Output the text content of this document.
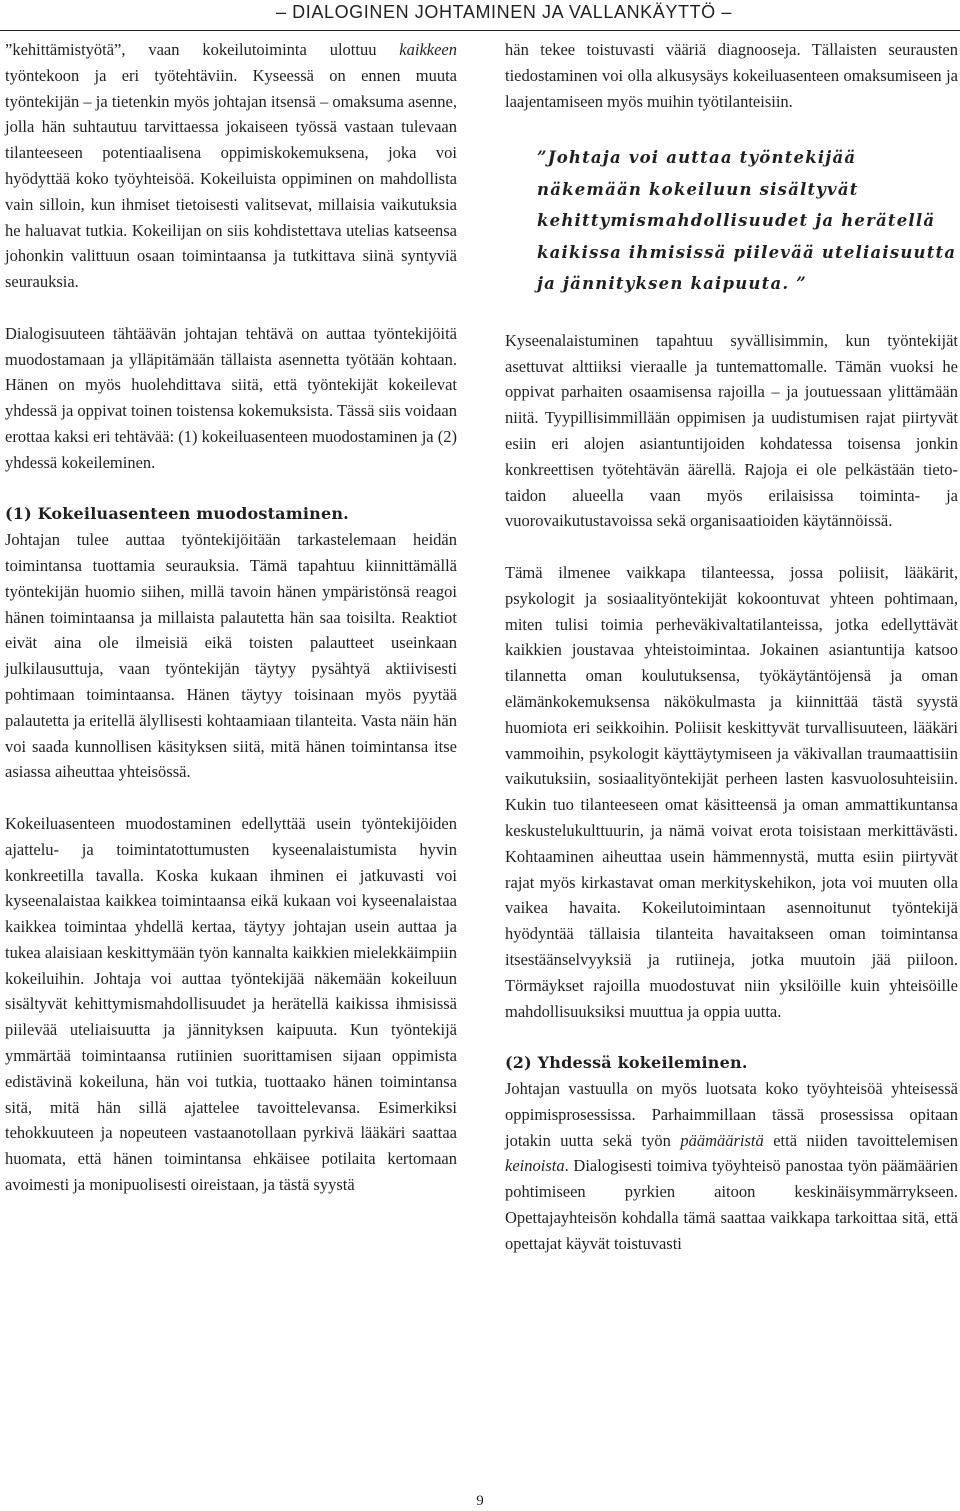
– DIALOGINEN JOHTAMINEN JA VALLANKÄYTTÖ –

”kehittämistyötä”, vaan kokeilutoiminta ulottuu kaikkeen työntekoon ja eri työtehtäviin. Kyseessä on ennen muuta työntekijän – ja tietenkin myös johtajan itsensä – omaksuma asenne, jolla hän suhtautuu tarvittaessa jokaiseen työssä vastaan tulevaan tilanteeseen potentiaalisena oppimiskokemuksena, joka voi hyödyttää koko työyhteisöä. Kokeiluista oppiminen on mahdollista vain silloin, kun ihmiset tietoisesti valitsevat, millaisia vaikutuksia he haluavat tutkia. Kokeilijan on siis kohdistettava utelias katseensa johonkin valittuun osaan toimintaansa ja tutkittava siinä syntyviä seurauksia.

Dialogisuuteen tähtäävän johtajan tehtävä on auttaa työntekijöitä muodostamaan ja ylläpitämään tällaista asennetta työtään kohtaan. Hänen on myös huolehdittava siitä, että työntekijät kokeilevat yhdessä ja oppivat toinen toistensa kokemuksista. Tässä siis voidaan erottaa kaksi eri tehtävää: (1) kokeiluasenteen muodostaminen ja (2) yhdessä kokeileminen.

(1) Kokeiluasenteen muodostaminen.

Johtajan tulee auttaa työntekijöitään tarkastelemaan heidän toimintansa tuottamia seurauksia. Tämä tapahtuu kiinnittämällä työntekijän huomio siihen, millä tavoin hänen ympäristönsä reagoi hänen toimintaansa ja millaista palautetta hän saa toisilta. Reaktiot eivät aina ole ilmeisiä eikä toisten palautteet useinkaan julkilausuttuja, vaan työntekijän täytyy pysähtyä aktiivisesti pohtimaan toimintaansa. Hänen täytyy toisinaan myös pyytää palautetta ja eritellä älyllisesti kohtaamiaan tilanteita. Vasta näin hän voi saada kunnollisen käsityksen siitä, mitä hänen toimintansa itse asiassa aiheuttaa yhteisössä.

Kokeiluasenteen muodostaminen edellyttää usein työntekijöiden ajattelu- ja toimintatottumusten kyseenalaistumista hyvin konkreetilla tavalla. Koska kukaan ihminen ei jatkuvasti voi kyseenalaistaa kaikkea toimintaansa eikä kukaan voi kyseenalaistaa kaikkea toimintaa yhdellä kertaa, täytyy johtajan usein auttaa ja tukea alaisiaan keskittymään työn kannalta kaikkien mielekkäimpiin kokeiluihin. Johtaja voi auttaa työntekijää näkemään kokeiluun sisältyvät kehittymismahdollisuudet ja herätellä kaikissa ihmisissä piilevää uteliaisuutta ja jännityksen kaipuuta. Kun työntekijä ymmärtää toimintaansa rutiinien suorittamisen sijaan oppimista edistävinä kokeiluna, hän voi tutkia, tuottaako hänen toimintansa sitä, mitä hän sillä ajattelee tavoittelevansa. Esimerkiksi tehokkuuteen ja nopeuteen vastaanotollaan pyrkivä lääkäri saattaa huomata, että hänen toimintansa ehkäisee potilaita kertomaan avoimesti ja monipuolisesti oireistaan, ja tästä syystä

hän tekee toistuvasti vääriä diagnooseja. Tällaisten seurausten tiedostaminen voi olla alkusysäys kokeiluasenteen omaksumiseen ja laajentamiseen myös muihin työtilanteisiin.

”Johtaja voi auttaa työntekijää näkemään kokeiluun sisältyvät kehittymismahdollisuudet ja herätellä kaikissa ihmisissä piilevää uteliaisuutta ja jännityksen kaipuuta. ”

Kyseenalaistuminen tapahtuu syvällisimmin, kun työntekijät asettuvat alttiiksi vieraalle ja tuntemattomalle. Tämän vuoksi he oppivat parhaiten osaamisensa rajoilla – ja joutuessaan ylittämään niitä. Tyypillisimmillään oppimisen ja uudistumisen rajat piirtyvät esiin eri alojen asiantuntijoiden kohdatessa toisensa jonkin konkreettisen työtehtävän äärellä. Rajoja ei ole pelkästään tieto-taidon alueella vaan myös erilaisissa toiminta- ja vuorovaikutustavoissa sekä organisaatioiden käytännöissä.

Tämä ilmenee vaikkapa tilanteessa, jossa poliisit, lääkärit, psykologit ja sosiaalityöntekijät kokoontuvat yhteen pohtimaan, miten tulisi toimia perheväkivaltatilanteissa, jotka edellyttävät kaikkien joustavaa yhteistoimintaa. Jokainen asiantuntija katsoo tilannetta oman koulutuksensa, työkäytäntöjensä ja oman elämänkokemuksensa näkökulmasta ja kiinnittää tästä syystä huomiota eri seikkoihin. Poliisit keskittyvät turvallisuuteen, lääkäri vammoihin, psykologit käyttäytymiseen ja väkivallan traumaattisiin vaikutuksiin, sosiaalityöntekijät perheen lasten kasvuolosuhteisiin. Kukin tuo tilanteeseen omat käsitteensä ja oman ammattikuntansa keskustelukulttuurin, ja nämä voivat erota toisistaan merkittävästi. Kohtaaminen aiheuttaa usein hämmennystä, mutta esiin piirtyvät rajat myös kirkastavat oman merkityskehikon, jota voi muuten olla vaikea havaita. Kokeilutoimintaan asennoitunut työntekijä hyödyntää tällaisia tilanteita havaitakseen oman toimintansa itsestäänselvyyksiä ja rutiineja, jotka muutoin jää piiloon. Törmäykset rajoilla muodostuvat niin yksilöille kuin yhteisöille mahdollisuuksiksi muuttua ja oppia uutta.

(2) Yhdessä kokeileminen.

Johtajan vastuulla on myös luotsata koko työyhteisöä yhteisessä oppimisprosessissa. Parhaimmillaan tässä prosessissa opitaan jotakin uutta sekä työn päämääristä että niiden tavoittelemisen keinoista. Dialogisesti toimiva työyhteisö panostaa työn päämäärien pohtimiseen pyrkien aitoon keskinäisymmärrykseen. Opettajayhteisön kohdalla tämä saattaa vaikkapa tarkoittaa sitä, että opettajat käyvät toistuvasti

9
